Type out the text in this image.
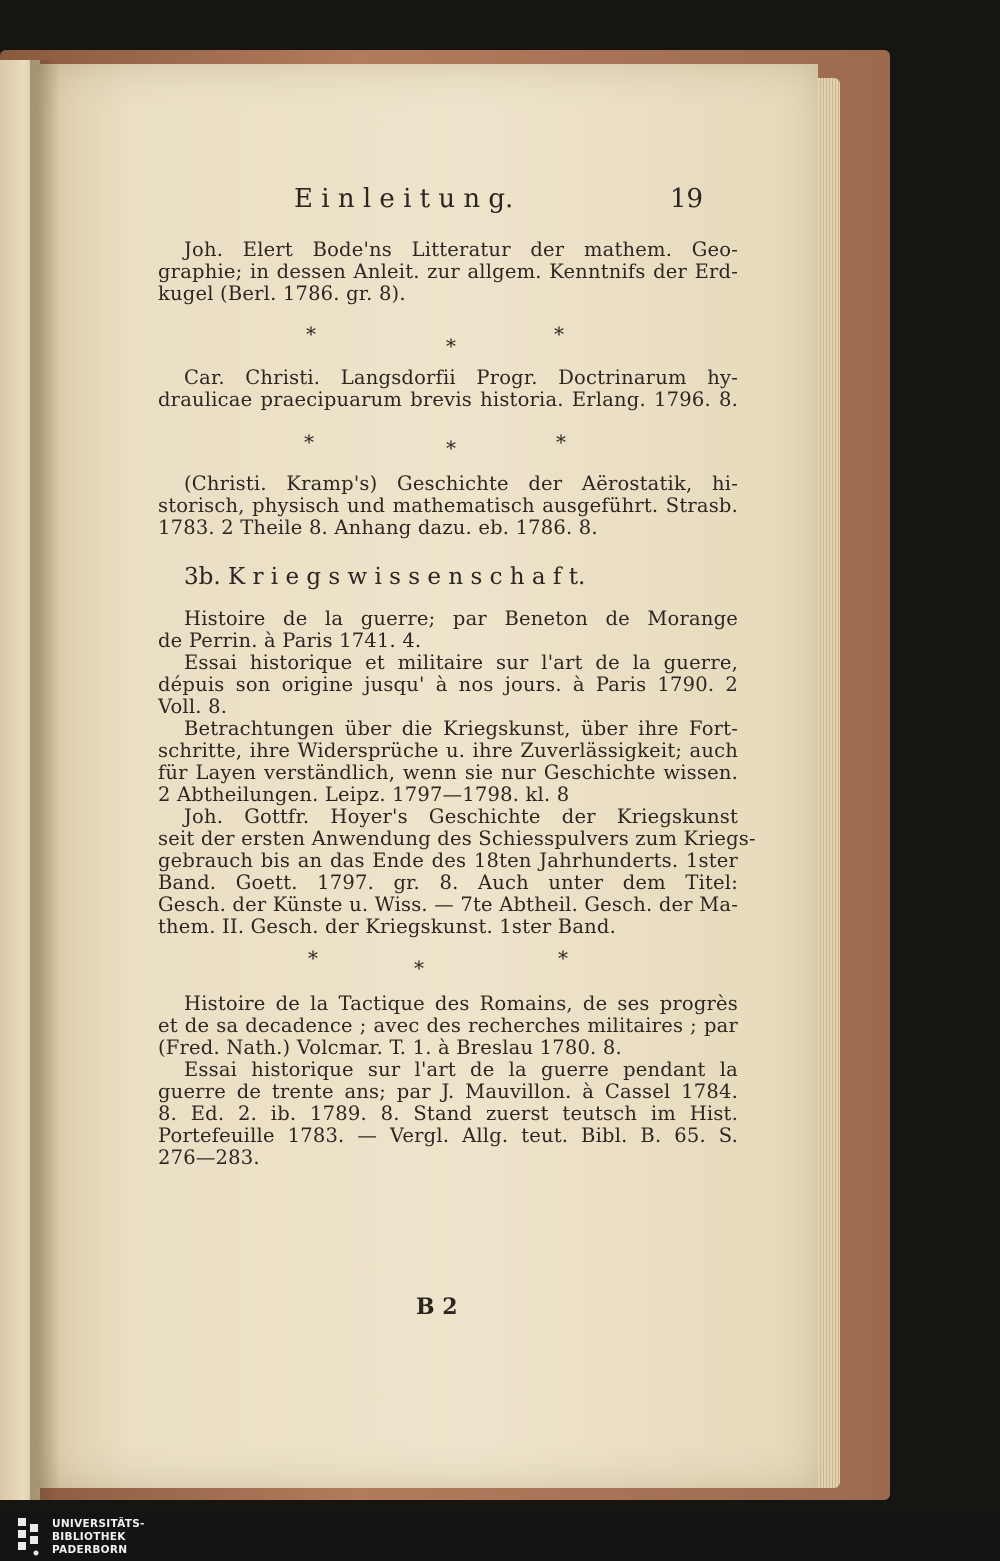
E i n l e i t u n g.	19
Joh. Elert Bode'ns Litteratur der mathem. Geo-
graphie; in dessen Anleit. zur allgem. Kenntnifs der Erd-
kugel (Berl. 1786. gr. 8).
*	*	*
Car. Christi. Langsdorfii Progr. Doctrinarum hy-
draulicae praecipuarum brevis historia. Erlang. 1796. 8.
*	*	*
(Christi. Kramp's) Geschichte der Aërostatik, hi-
storisch, physisch und mathematisch ausgeführt. Strasb.
1783. 2 Theile 8. Anhang dazu. eb. 1786. 8.
3b. K r i e g s w i s s e n s c h a f t.
Histoire de la guerre; par Beneton de Morange
de Perrin. à Paris 1741. 4.
Essai historique et militaire sur l'art de la guerre,
dépuis son origine jusqu' à nos jours. à Paris 1790. 2
Voll. 8.
Betrachtungen über die Kriegskunst, über ihre Fort-
schritte, ihre Widersprüche u. ihre Zuverlässigkeit; auch
für Layen verständlich, wenn sie nur Geschichte wissen.
2 Abtheilungen. Leipz. 1797—1798. kl. 8
Joh. Gottfr. Hoyer's Geschichte der Kriegskunst
seit der ersten Anwendung des Schiesspulvers zum Kriegs-
gebrauch bis an das Ende des 18ten Jahrhunderts. 1ster
Band. Goett. 1797. gr. 8. Auch unter dem Titel:
Gesch. der Künste u. Wiss. — 7te Abtheil. Gesch. der Ma-
them. II. Gesch. der Kriegskunst. 1ster Band.
*	*	*
Histoire de la Tactique des Romains, de ses progrès
et de sa decadence ; avec des recherches militaires ; par
(Fred. Nath.) Volcmar. T. 1. à Breslau 1780. 8.
Essai historique sur l'art de la guerre pendant la
guerre de trente ans; par J. Mauvillon. à Cassel 1784.
8. Ed. 2. ib. 1789. 8. Stand zuerst teutsch im Hist.
Portefeuille 1783. — Vergl. Allg. teut. Bibl. B. 65. S.
276—283.
B 2
UNIVERSITÄTS-
BIBLIOTHEK
PADERBORN
